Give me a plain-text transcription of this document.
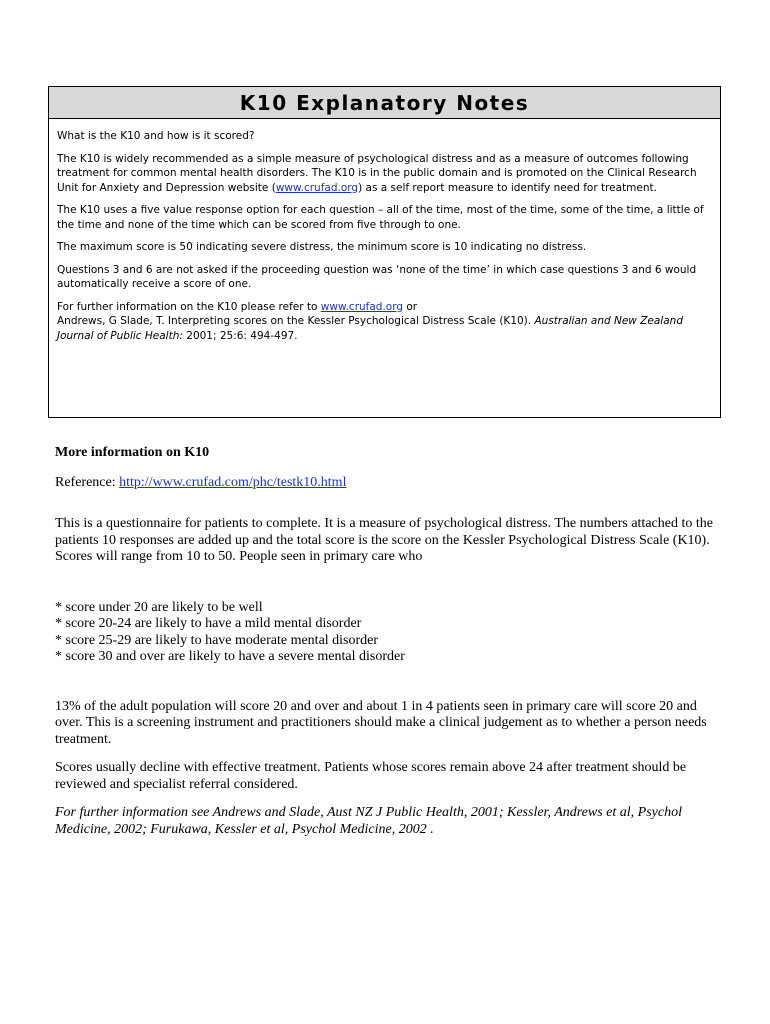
K10 Explanatory Notes

What is the K10 and how is it scored?

The K10 is widely recommended as a simple measure of psychological distress and as a measure of outcomes following treatment for common mental health disorders. The K10 is in the public domain and is promoted on the Clinical Research Unit for Anxiety and Depression website (www.crufad.org) as a self report measure to identify need for treatment.

The K10 uses a five value response option for each question – all of the time, most of the time, some of the time, a little of the time and none of the time which can be scored from five through to one.

The maximum score is 50 indicating severe distress, the minimum score is 10 indicating no distress.

Questions 3 and 6 are not asked if the proceeding question was ‘none of the time’ in which case questions 3 and 6 would automatically receive a score of one.

For further information on the K10 please refer to www.crufad.org or
Andrews, G Slade, T. Interpreting scores on the Kessler Psychological Distress Scale (K10). Australian and New Zealand Journal of Public Health: 2001; 25:6: 494-497.

More information on K10

Reference: http://www.crufad.com/phc/testk10.html

This is a questionnaire for patients to complete. It is a measure of psychological distress. The numbers attached to the patients 10 responses are added up and the total score is the score on the Kessler Psychological Distress Scale (K10). Scores will range from 10 to 50. People seen in primary care who

* score under 20 are likely to be well
* score 20-24 are likely to have a mild mental disorder
* score 25-29 are likely to have moderate mental disorder
* score 30 and over are likely to have a severe mental disorder

13% of the adult population will score 20 and over and about 1 in 4 patients seen in primary care will score 20 and over. This is a screening instrument and practitioners should make a clinical judgement as to whether a person needs treatment.

Scores usually decline with effective treatment. Patients whose scores remain above 24 after treatment should be reviewed and specialist referral considered.

For further information see Andrews and Slade, Aust NZ J Public Health, 2001; Kessler, Andrews et al, Psychol Medicine, 2002; Furukawa, Kessler et al, Psychol Medicine, 2002 .
